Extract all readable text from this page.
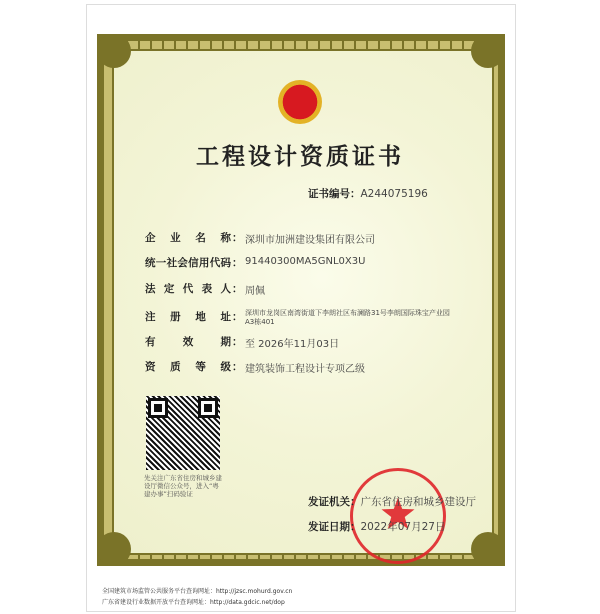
工程设计资质证书
证书编号：A244075196
企业名称 ： 深圳市加洲建设集团有限公司
统一社会信用代码 ： 91440300MA5GNL0X3U
法定代表人 ： 周佩
注册地址 ： 深圳市龙岗区南湾街道下李朗社区布澜路31号李朗国际珠宝产业园A3栋401
有效期 ： 至 2026年11月03日
资质等级 ： 建筑装饰工程设计专项乙级
先关注广东省住房和城乡建设厅微信公众号，进入“粤建办事”扫码验证
发证机关：广东省住房和城乡建设厅
发证日期：2022年07月27日
全国建筑市场监管公共服务平台查询网址：http://jzsc.mohurd.gov.cn
广东省建设行业数据开放平台查询网址：http://data.gdcic.net/dop
